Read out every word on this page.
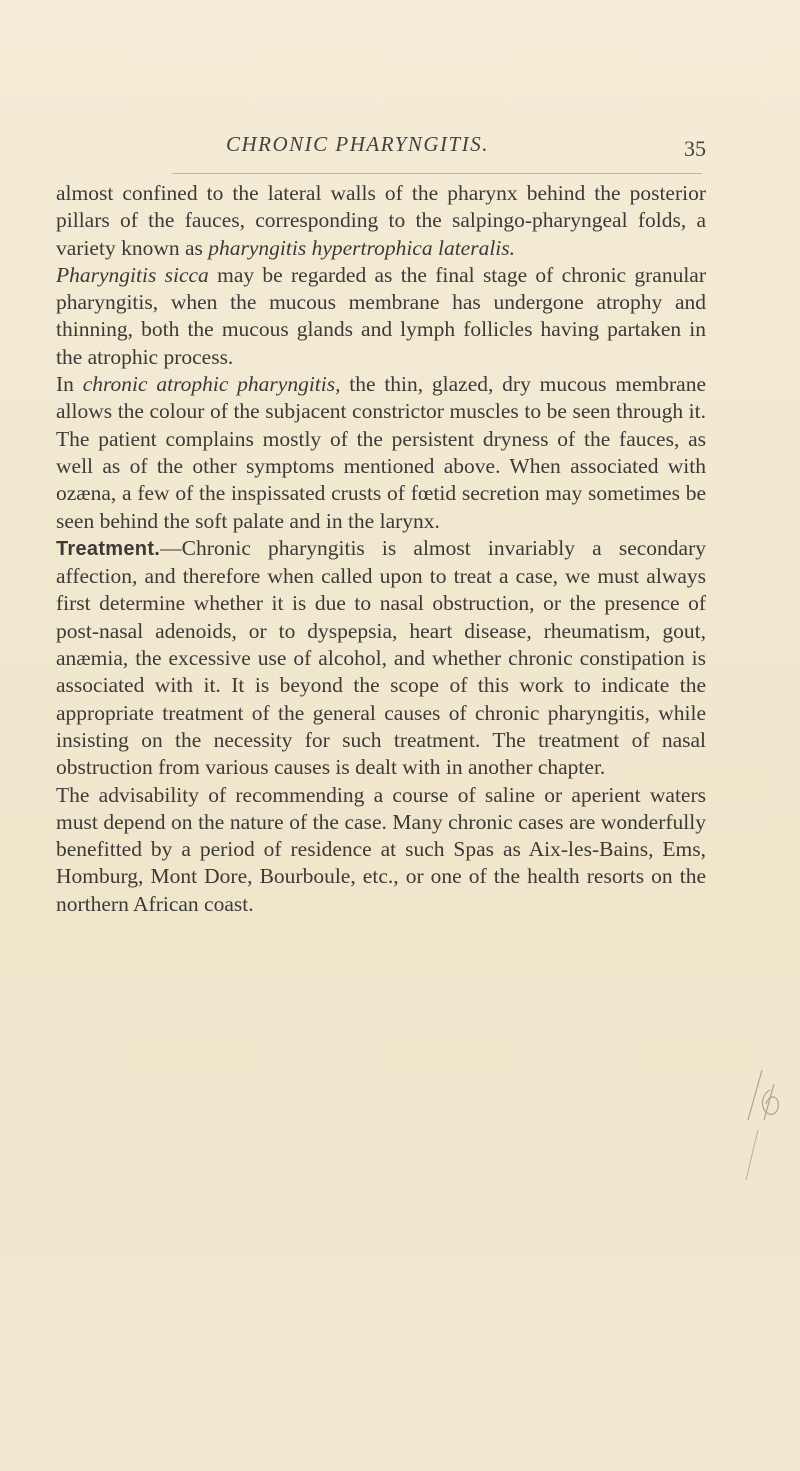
CHRONIC PHARYNGITIS.	35

almost confined to the lateral walls of the pharynx behind the posterior pillars of the fauces, corresponding to the salpingo-pharyngeal folds, a variety known as pharyngitis hypertrophica lateralis.

Pharyngitis sicca may be regarded as the final stage of chronic granular pharyngitis, when the mucous membrane has undergone atrophy and thinning, both the mucous glands and lymph follicles having partaken in the atrophic process.

In chronic atrophic pharyngitis, the thin, glazed, dry mucous membrane allows the colour of the subjacent constrictor muscles to be seen through it. The patient complains mostly of the persistent dryness of the fauces, as well as of the other symptoms mentioned above. When associated with ozæna, a few of the inspissated crusts of fœtid secretion may sometimes be seen behind the soft palate and in the larynx.

Treatment.—Chronic pharyngitis is almost invariably a secondary affection, and therefore when called upon to treat a case, we must always first determine whether it is due to nasal obstruction, or the presence of post-nasal adenoids, or to dyspepsia, heart disease, rheumatism, gout, anæmia, the excessive use of alcohol, and whether chronic constipation is associated with it. It is beyond the scope of this work to indicate the appropriate treatment of the general causes of chronic pharyngitis, while insisting on the necessity for such treatment. The treatment of nasal obstruction from various causes is dealt with in another chapter.

The advisability of recommending a course of saline or aperient waters must depend on the nature of the case. Many chronic cases are wonderfully benefitted by a period of residence at such Spas as Aix-les-Bains, Ems, Homburg, Mont Dore, Bourboule, etc., or one of the health resorts on the northern African coast.
